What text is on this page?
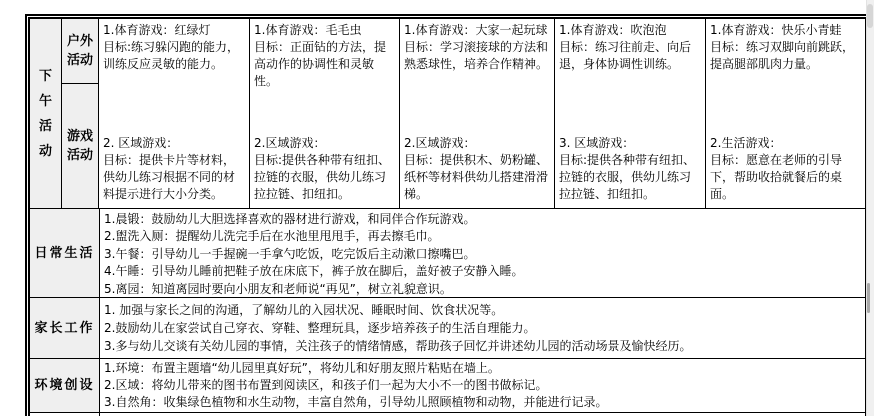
下午活动
户外活动
游戏活动
1.体育游戏：红绿灯
目标:练习躲闪跑的能力，训练反应灵敏的能力。
2. 区域游戏：
目标：提供卡片等材料，供幼儿练习根据不同的材料提示进行大小分类。
1.体育游戏：毛毛虫
目标：正面钻的方法，提高动作的协调性和灵敏性。
2.区域游戏：
目标:提供各种带有纽扣、拉链的衣服，供幼儿练习拉拉链、扣纽扣。
1.体育游戏：大家一起玩球
目标：学习滚接球的方法和熟悉球性，培养合作精神。
2.区域游戏：
目标：提供积木、奶粉罐、纸杯等材料供幼儿搭建滑滑梯。
1.体育游戏：吹泡泡
目标：练习往前走、向后退，身体协调性训练。
3. 区域游戏：
目标:提供各种带有纽扣、拉链的衣服，供幼儿练习拉拉链、扣纽扣。
1.体育游戏：快乐小青蛙
目标：练习双脚向前跳跃，提高腿部肌肉力量。
2.生活游戏：
目标：愿意在老师的引导下，帮助收拾就餐后的桌面。
日常生活
1.晨锻：鼓励幼儿大胆选择喜欢的器材进行游戏，和同伴合作玩游戏。
2.盥洗入厕：提醒幼儿洗完手后在水池里甩甩手，再去擦毛巾。
3.午餐：引导幼儿一手握碗一手拿勺吃饭，吃完饭后主动漱口擦嘴巴。
4.午睡：引导幼儿睡前把鞋子放在床底下，裤子放在脚后，盖好被子安静入睡。
5.离园：知道离园时要向小朋友和老师说“再见”，树立礼貌意识。
家长工作
1. 加强与家长之间的沟通，了解幼儿的入园状况、睡眠时间、饮食状况等。
2.鼓励幼儿在家尝试自己穿衣、穿鞋、整理玩具，逐步培养孩子的生活自理能力。
3.多与幼儿交谈有关幼儿园的事情，关注孩子的情绪情感，帮助孩子回忆并讲述幼儿园的活动场景及愉快经历。
环境创设
1.环境：布置主题墙“幼儿园里真好玩”，将幼儿和好朋友照片粘贴在墙上。
2.区域：将幼儿带来的图书布置到阅读区，和孩子们一起为大小不一的图书做标记。
3.自然角：收集绿色植物和水生动物，丰富自然角，引导幼儿照顾植物和动物，并能进行记录。
